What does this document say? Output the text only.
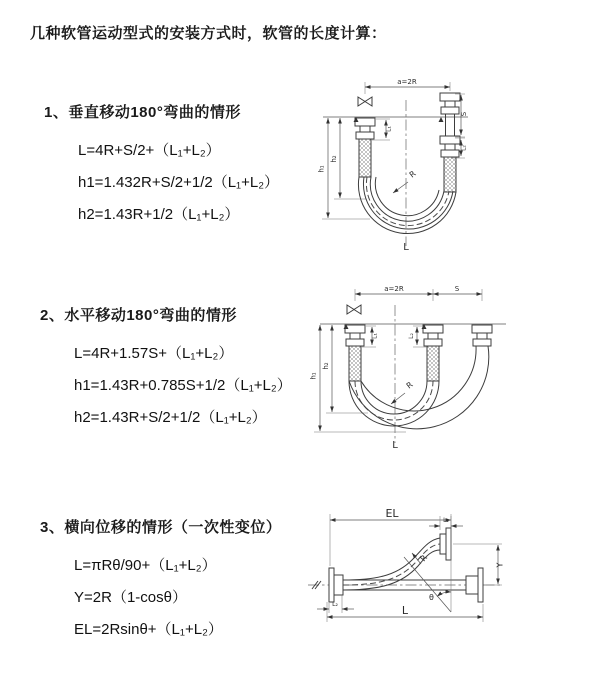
几种软管运动型式的安装方式时，软管的长度计算：
1、垂直移动180°弯曲的情形
L=4R+S/2+（L₁+L₂）
h1=1.432R+S/2+1/2（L₁+L₂）
h2=1.43R+1/2（L₁+L₂）
2、水平移动180°弯曲的情形
L=4R+1.57S+（L₁+L₂）
h1=1.43R+0.785S+1/2（L₁+L₂）
h2=1.43R+S/2+1/2（L₁+L₂）
3、横向位移的情形（一次性变位）
L=πRθ/90+（L₁+L₂）
Y=2R（1-cosθ）
EL=2Rsinθ+（L₁+L₂）
a=2R
S
L₂
L₁
h₁
h₂
R
L
a=2R	S
L₁	L₂
h₁
h₂
R
L
EL
L₁
Y
θ
R
L₂	L
